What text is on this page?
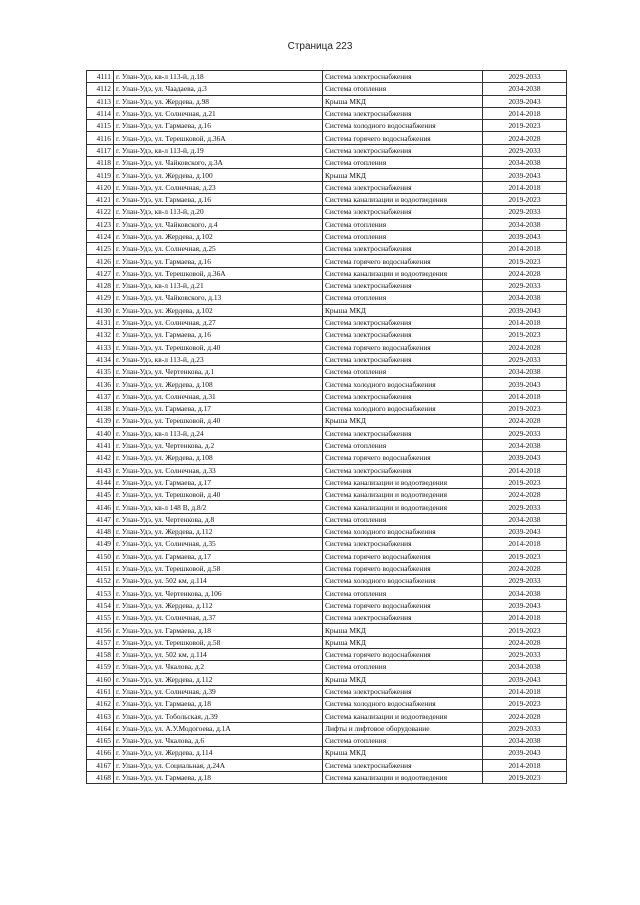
Страница 223
4111	г. Улан-Удэ, кв-л 113-й, д.18	Система электроснабжения	2029-2033
4112	г. Улан-Удэ, ул. Чаадаева, д.3	Система отопления	2034-2038
4113	г. Улан-Удэ, ул. Жердева, д.98	Крыша МКД	2039-2043
4114	г. Улан-Удэ, ул. Солнечная, д.21	Система электроснабжения	2014-2018
4115	г. Улан-Удэ, ул. Гармаева, д.16	Система холодного водоснабжения	2019-2023
4116	г. Улан-Удэ, ул. Терешковой, д.36А	Система горячего водоснабжения	2024-2028
4117	г. Улан-Удэ, кв-л 113-й, д.19	Система электроснабжения	2029-2033
4118	г. Улан-Удэ, ул. Чайковского, д.3А	Система отопления	2034-2038
4119	г. Улан-Удэ, ул. Жердева, д.100	Крыша МКД	2039-2043
4120	г. Улан-Удэ, ул. Солнечная, д.23	Система электроснабжения	2014-2018
4121	г. Улан-Удэ, ул. Гармаева, д.16	Система канализации и водоотведения	2019-2023
4122	г. Улан-Удэ, кв-л 113-й, д.20	Система электроснабжения	2029-2033
4123	г. Улан-Удэ, ул. Чайковского, д.4	Система отопления	2034-2038
4124	г. Улан-Удэ, ул. Жердева, д.102	Система отопления	2039-2043
4125	г. Улан-Удэ, ул. Солнечная, д.25	Система электроснабжения	2014-2018
4126	г. Улан-Удэ, ул. Гармаева, д.16	Система горячего водоснабжения	2019-2023
4127	г. Улан-Удэ, ул. Терешковой, д.36А	Система канализации и водоотведения	2024-2028
4128	г. Улан-Удэ, кв-л 113-й, д.21	Система электроснабжения	2029-2033
4129	г. Улан-Удэ, ул. Чайковского, д.13	Система отопления	2034-2038
4130	г. Улан-Удэ, ул. Жердева, д.102	Крыша МКД	2039-2043
4131	г. Улан-Удэ, ул. Солнечная, д.27	Система электроснабжения	2014-2018
4132	г. Улан-Удэ, ул. Гармаева, д.16	Система электроснабжения	2019-2023
4133	г. Улан-Удэ, ул. Терешковой, д.40	Система горячего водоснабжения	2024-2028
4134	г. Улан-Удэ, кв-л 113-й, д.23	Система электроснабжения	2029-2033
4135	г. Улан-Удэ, ул. Чертенкова, д.1	Система отопления	2034-2038
4136	г. Улан-Удэ, ул. Жердева, д.108	Система холодного водоснабжения	2039-2043
4137	г. Улан-Удэ, ул. Солнечная, д.31	Система электроснабжения	2014-2018
4138	г. Улан-Удэ, ул. Гармаева, д.17	Система холодного водоснабжения	2019-2023
4139	г. Улан-Удэ, ул. Терешковой, д.40	Крыша МКД	2024-2028
4140	г. Улан-Удэ, кв-л 113-й, д.24	Система электроснабжения	2029-2033
4141	г. Улан-Удэ, ул. Чертенкова, д.2	Система отопления	2034-2038
4142	г. Улан-Удэ, ул. Жердева, д.108	Система горячего водоснабжения	2039-2043
4143	г. Улан-Удэ, ул. Солнечная, д.33	Система электроснабжения	2014-2018
4144	г. Улан-Удэ, ул. Гармаева, д.17	Система канализации и водоотведения	2019-2023
4145	г. Улан-Удэ, ул. Терешковой, д.40	Система канализации и водоотведения	2024-2028
4146	г. Улан-Удэ, кв-л 148 В, д.8/2	Система канализации и водоотведения	2029-2033
4147	г. Улан-Удэ, ул. Чертенкова, д.8	Система отопления	2034-2038
4148	г. Улан-Удэ, ул. Жердева, д.112	Система холодного водоснабжения	2039-2043
4149	г. Улан-Удэ, ул. Солнечная, д.35	Система электроснабжения	2014-2018
4150	г. Улан-Удэ, ул. Гармаева, д.17	Система горячего водоснабжения	2019-2023
4151	г. Улан-Удэ, ул. Терешковой, д.58	Система горячего водоснабжения	2024-2028
4152	г. Улан-Удэ, ул. 502 км, д.114	Система холодного водоснабжения	2029-2033
4153	г. Улан-Удэ, ул. Чертенкова, д.106	Система отопления	2034-2038
4154	г. Улан-Удэ, ул. Жердева, д.112	Система горячего водоснабжения	2039-2043
4155	г. Улан-Удэ, ул. Солнечная, д.37	Система электроснабжения	2014-2018
4156	г. Улан-Удэ, ул. Гармаева, д.18	Крыша МКД	2019-2023
4157	г. Улан-Удэ, ул. Терешковой, д.58	Крыша МКД	2024-2028
4158	г. Улан-Удэ, ул. 502 км, д.114	Система горячего водоснабжения	2029-2033
4159	г. Улан-Удэ, ул. Чкалова, д.2	Система отопления	2034-2038
4160	г. Улан-Удэ, ул. Жердева, д.112	Крыша МКД	2039-2043
4161	г. Улан-Удэ, ул. Солнечная, д.39	Система электроснабжения	2014-2018
4162	г. Улан-Удэ, ул. Гармаева, д.18	Система холодного водоснабжения	2019-2023
4163	г. Улан-Удэ, ул. Тобольская, д.39	Система канализации и водоотведения	2024-2028
4164	г. Улан-Удэ, ул. А.У.Модогоева, д.1А	Лифты и лифтовое оборудование	2029-2033
4165	г. Улан-Удэ, ул. Чкалова, д.6	Система отопления	2034-2038
4166	г. Улан-Удэ, ул. Жердева, д.114	Крыша МКД	2039-2043
4167	г. Улан-Удэ, ул. Социальная, д.24А	Система электроснабжения	2014-2018
4168	г. Улан-Удэ, ул. Гармаева, д.18	Система канализации и водоотведения	2019-2023
